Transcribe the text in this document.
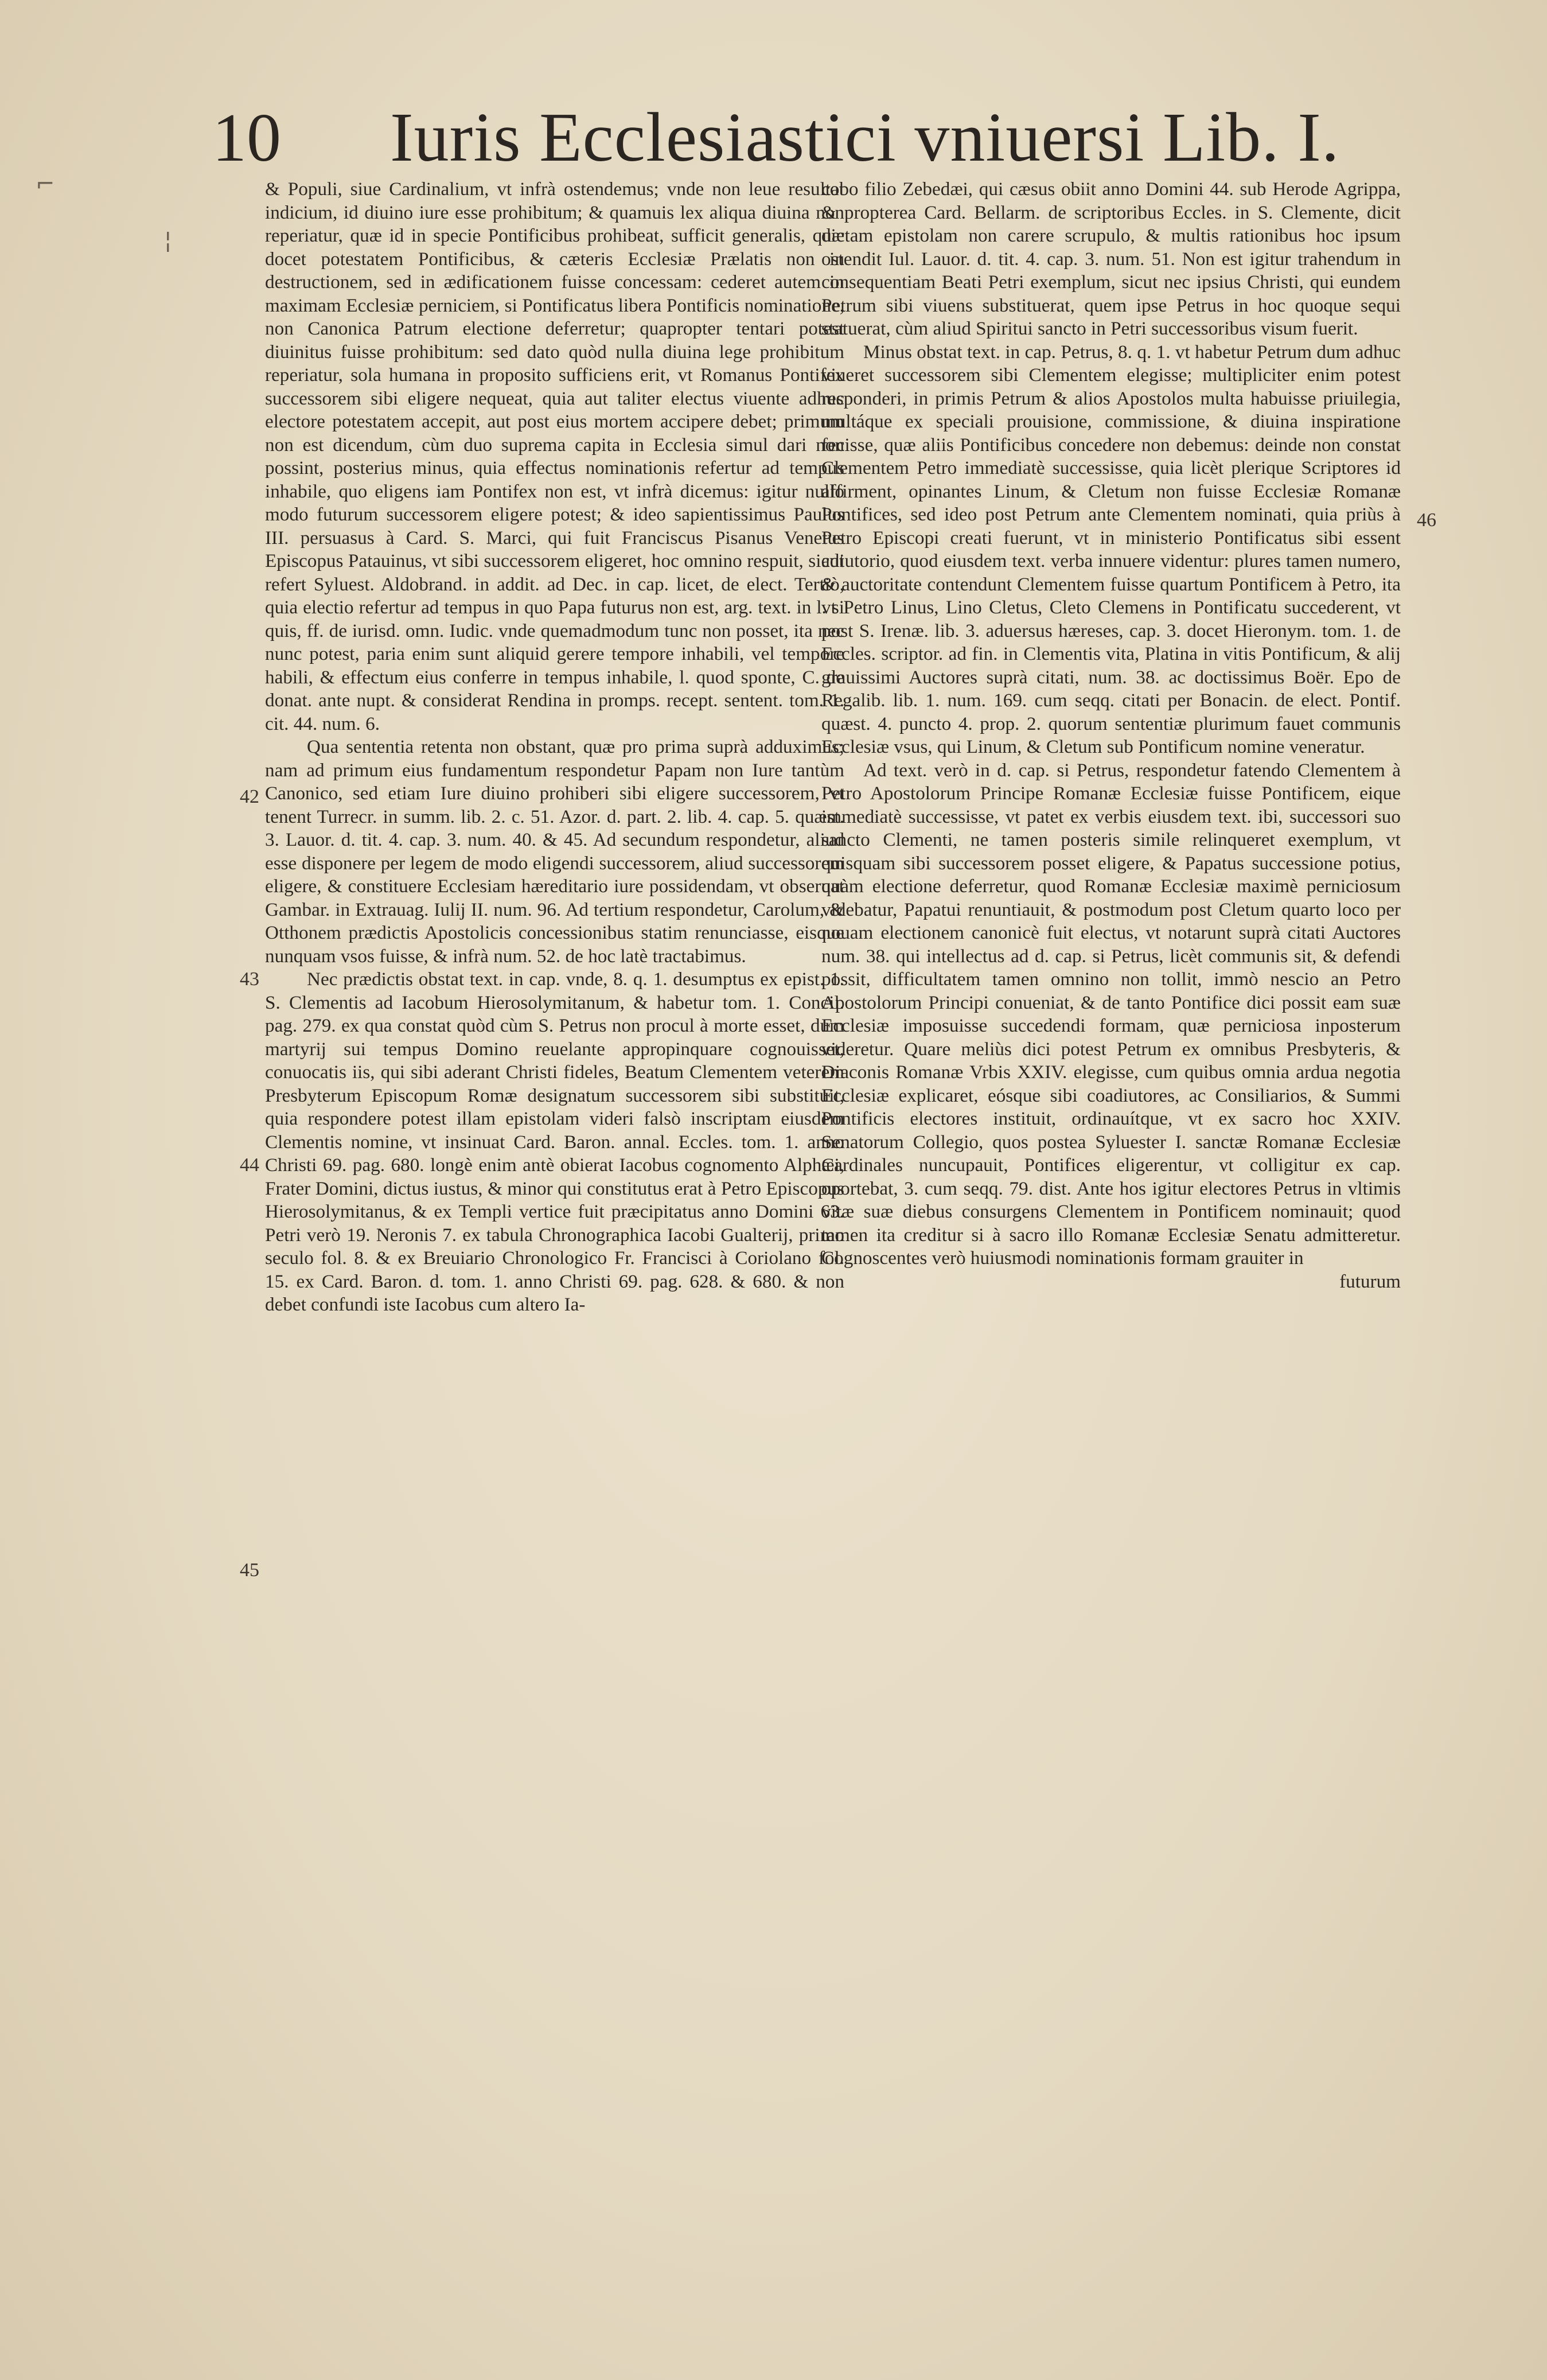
⌐
¦
10 Iuris Ecclesiastici vniuersi Lib. I.

& Populi, siue Cardinalium, vt infrà ostendemus; vnde non leue resultat indicium, id diuino iure esse prohibitum; & quamuis lex aliqua diuina non reperiatur, quæ id in specie Pontificibus prohibeat, sufficit generalis, quæ docet potestatem Pontificibus, & cæteris Ecclesiæ Prælatis non in destructionem, sed in ædificationem fuisse concessam: cederet autem in maximam Ecclesiæ perniciem, si Pontificatus libera Pontificis nominatione, non Canonica Patrum electione deferretur; quapropter tentari potest diuinitus fuisse prohibitum: sed dato quòd nulla diuina lege prohibitum reperiatur, sola humana in proposito sufficiens erit, vt Romanus Pontifex successorem sibi eligere nequeat, quia aut taliter electus viuente adhuc electore potestatem accepit, aut post eius mortem accipere debet; primum non est dicendum, cùm duo suprema capita in Ecclesia simul dari non possint, posterius minus, quia effectus nominationis refertur ad tempus inhabile, quo eligens iam Pontifex non est, vt infrà dicemus: igitur nullo modo futurum successorem eligere potest; & ideo sapientissimus Paulus III. persuasus à Card. S. Marci, qui fuit Franciscus Pisanus Venetus Episcopus Patauinus, vt sibi successorem eligeret, hoc omnino respuit, sicut refert Syluest. Aldobrand. in addit. ad Dec. in cap. licet, de elect. Tertiò, quia electio refertur ad tempus in quo Papa futurus non est, arg. text. in l. si quis, ff. de iurisd. omn. Iudic. vnde quemadmodum tunc non posset, ita nec nunc potest, paria enim sunt aliquid gerere tempore inhabili, vel tempore habili, & effectum eius conferre in tempus inhabile, l. quod sponte, C. de donat. ante nupt. & considerat Rendina in promps. recept. sentent. tom. 1. cit. 44. num. 6.

Qua sententia retenta non obstant, quæ pro prima suprà adduximus; nam ad primum eius fundamentum respondetur Papam non Iure tantùm Canonico, sed etiam Iure diuino prohiberi sibi eligere successorem, vt tenent Turrecr. in summ. lib. 2. c. 51. Azor. d. part. 2. lib. 4. cap. 5. quæst. 3. Lauor. d. tit. 4. cap. 3. num. 40. & 45. Ad secundum respondetur, aliud esse disponere per legem de modo eligendi successorem, aliud successorem eligere, & constituere Ecclesiam hæreditario iure possidendam, vt obseruat Gambar. in Extrauag. Iulij II. num. 96. Ad tertium respondetur, Carolum, & Otthonem prædictis Apostolicis concessionibus statim renunciasse, eisque nunquam vsos fuisse, & infrà num. 52. de hoc latè tractabimus.

Nec prædictis obstat text. in cap. vnde, 8. q. 1. desumptus ex epist. 1. S. Clementis ad Iacobum Hierosolymitanum, & habetur tom. 1. Concil. pag. 279. ex qua constat quòd cùm S. Petrus non procul à morte esset, dum martyrij sui tempus Domino reuelante appropinquare cognouisset, conuocatis iis, qui sibi aderant Christi fideles, Beatum Clementem veterem Presbyterum Episcopum Romæ designatum successorem sibi substituit, quia respondere potest illam epistolam videri falsò inscriptam eiusdem Clementis nomine, vt insinuat Card. Baron. annal. Eccles. tom. 1. anno Christi 69. pag. 680. longè enim antè obierat Iacobus cognomento Alphæi, Frater Domini, dictus iustus, & minor qui constitutus erat à Petro Episcopus Hierosolymitanus, & ex Templi vertice fuit præcipitatus anno Domini 63. Petri verò 19. Neronis 7. ex tabula Chronographica Iacobi Gualterij, primo seculo fol. 8. & ex Breuiario Chronologico Fr. Francisci à Coriolano fol. 15. ex Card. Baron. d. tom. 1. anno Christi 69. pag. 628. & 680. & non debet confundi iste Iacobus cum altero Ia-

cobo filio Zebedæi, qui cæsus obiit anno Domini 44. sub Herode Agrippa, & propterea Card. Bellarm. de scriptoribus Eccles. in S. Clemente, dicit dictam epistolam non carere scrupulo, & multis rationibus hoc ipsum ostendit Iul. Lauor. d. tit. 4. cap. 3. num. 51. Non est igitur trahendum in consequentiam Beati Petri exemplum, sicut nec ipsius Christi, qui eundem Petrum sibi viuens substituerat, quem ipse Petrus in hoc quoque sequi statuerat, cùm aliud Spiritui sancto in Petri successoribus visum fuerit.

Minus obstat text. in cap. Petrus, 8. q. 1. vt habetur Petrum dum adhuc viueret successorem sibi Clementem elegisse; multipliciter enim potest responderi, in primis Petrum & alios Apostolos multa habuisse priuilegia, multáque ex speciali prouisione, commissione, & diuina inspiratione fecisse, quæ aliis Pontificibus concedere non debemus: deinde non constat Clementem Petro immediatè successisse, quia licèt plerique Scriptores id affirment, opinantes Linum, & Cletum non fuisse Ecclesiæ Romanæ Pontifices, sed ideo post Petrum ante Clementem nominati, quia priùs à Petro Episcopi creati fuerunt, vt in ministerio Pontificatus sibi essent adiutorio, quod eiusdem text. verba innuere videntur: plures tamen numero, & auctoritate contendunt Clementem fuisse quartum Pontificem à Petro, ita vt Petro Linus, Lino Cletus, Cleto Clemens in Pontificatu succederent, vt post S. Irenæ. lib. 3. aduersus hæreses, cap. 3. docet Hieronym. tom. 1. de Eccles. scriptor. ad fin. in Clementis vita, Platina in vitis Pontificum, & alij grauissimi Auctores suprà citati, num. 38. ac doctissimus Boër. Epo de Regalib. lib. 1. num. 169. cum seqq. citati per Bonacin. de elect. Pontif. quæst. 4. puncto 4. prop. 2. quorum sententiæ plurimum fauet communis Ecclesiæ vsus, qui Linum, & Cletum sub Pontificum nomine veneratur.

Ad text. verò in d. cap. si Petrus, respondetur fatendo Clementem à Petro Apostolorum Principe Romanæ Ecclesiæ fuisse Pontificem, eique immediatè successisse, vt patet ex verbis eiusdem text. ibi, successori suo sancto Clementi, ne tamen posteris simile relinqueret exemplum, vt quisquam sibi successorem posset eligere, & Papatus successione potius, quàm electione deferretur, quod Romanæ Ecclesiæ maximè perniciosum videbatur, Papatui renuntiauit, & postmodum post Cletum quarto loco per nouam electionem canonicè fuit electus, vt notarunt suprà citati Auctores num. 38. qui intellectus ad d. cap. si Petrus, licèt communis sit, & defendi possit, difficultatem tamen omnino non tollit, immò nescio an Petro Apostolorum Principi conueniat, & de tanto Pontifice dici possit eam suæ Ecclesiæ imposuisse succedendi formam, quæ perniciosa inposterum videretur. Quare meliùs dici potest Petrum ex omnibus Presbyteris, & Diaconis Romanæ Vrbis XXIV. elegisse, cum quibus omnia ardua negotia Ecclesiæ explicaret, eósque sibi coadiutores, ac Consiliarios, & Summi Pontificis electores instituit, ordinauítque, vt ex sacro hoc XXIV. Senatorum Collegio, quos postea Syluester I. sanctæ Romanæ Ecclesiæ Cardinales nuncupauit, Pontifices eligerentur, vt colligitur ex cap. oportebat, 3. cum seqq. 79. dist. Ante hos igitur electores Petrus in vltimis vitæ suæ diebus consurgens Clementem in Pontificem nominauit; quod tamen ita creditur si à sacro illo Romanæ Ecclesiæ Senatu admitteretur. Cognoscentes verò huiusmodi nominationis formam grauiter in

futurum

42
43
44
45
46
